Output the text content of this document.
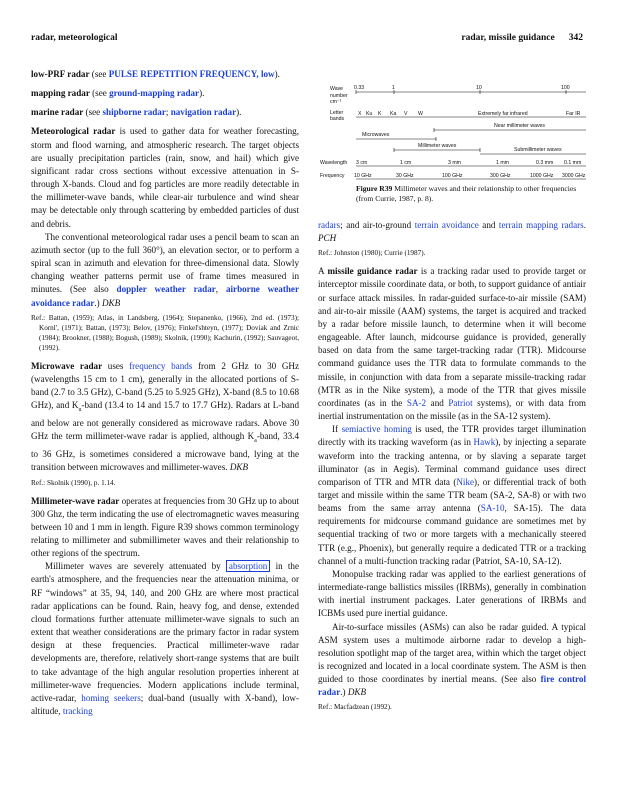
radar, meteorological	radar, missile guidance 342

low-PRF radar (see PULSE REPETITION FREQUENCY, low).

mapping radar (see ground-mapping radar).

marine radar (see shipborne radar; navigation radar).

Meteorological radar is used to gather data for weather forecasting, storm and flood warning, and atmospheric research. The target objects are usually precipitation particles (rain, snow, and hail) which give significant radar cross sections without excessive attenuation in S- through X-bands. Cloud and fog particles are more readily detectable in the millimeter-wave bands, while clear-air turbulence and wind shear may be detectable only through scattering by embedded particles of dust and debris.

The conventional meteorological radar uses a pencil beam to scan an azimuth sector (up to the full 360°), an elevation sector, or to perform a spiral scan in azimuth and elevation for three-dimensional data. Slowly changing weather patterns permit use of frame times measured in minutes. (See also doppler weather radar, airborne weather avoidance radar.) DKB

Ref.: Battan, (1959); Atlas, in Landsberg, (1964); Stepanenko, (1966), 2nd ed. (1973); Kornl', (1971); Battan, (1973); Belov, (1976); Finkel'shteyn, (1977); Doviak and Zrnic (1984); Brookner, (1988); Bogush, (1989); Skolnik, (1990); Kachurin, (1992); Sauvageot, (1992).

Microwave radar uses frequency bands from 2 GHz to 30 GHz (wavelengths 15 cm to 1 cm), generally in the allocated portions of S-band (2.7 to 3.5 GHz), C-band (5.25 to 5.925 GHz), X-band (8.5 to 10.68 GHz), and $K_u$-band (13.4 to 14 and 15.7 to 17.7 GHz). Radars at L-band and below are not generally considered as microwave radars. Above 30 GHz the term millimeter-wave radar is applied, although $K_a$-band, 33.4 to 36 GHz, is sometimes considered a microwave band, lying at the transition between microwaves and millimeter-waves. DKB

Ref.: Skolnik (1990), p. 1.14.

Millimeter-wave radar operates at frequencies from 30 GHz up to about 300 Ghz, the term indicating the use of electromagnetic waves measuring between 10 and 1 mm in length. Figure R39 shows common terminology relating to millimeter and submillimeter waves and their relationship to other regions of the spectrum.

Millimeter waves are severely attenuated by absorption in the earth's atmosphere, and the frequencies near the attenuation minima, or RF “windows” at 35, 94, 140, and 200 GHz are where most practical radar applications can be found. Rain, heavy fog, and dense, extended cloud formations further attenuate millimeter-wave signals to such an extent that weather considerations are the primary factor in radar system design at these frequencies. Practical millimeter-wave radar developments are, therefore, relatively short-range systems that are built to take advantage of the high angular resolution properties inherent at millimeter-wave frequencies. Modern applications include terminal, active-radar, homing seekers; dual-band (usually with X-band), low-altitude, tracking

Wave
number
cm⁻¹
Letter
bands
Wavelength
Frequency
0.33	1	10	100
X Ku K Ka V W	Extremely far infrared	Far IR
Near millimeter waves
Microwaves
Millimeter waves
Submillimeter waves
3 cm	1 cm	3 mm	1 mm	0.3 mm 0.1 mm
10 GHz	30 GHz	100 GHz	300 GHz	1000 GHz 3000 GHz
Figure R39 Millimeter waves and their relationship to other frequencies (from Currie, 1987, p. 8).

radars; and air-to-ground terrain avoidance and terrain mapping radars. PCH

Ref.: Johnston (1980); Currie (1987).

A missile guidance radar is a tracking radar used to provide target or interceptor missile coordinate data, or both, to support guidance of antiair or surface attack missiles. In radar-guided surface-to-air missile (SAM) and air-to-air missile (AAM) systems, the target is acquired and tracked by a radar before missile launch, to determine when it will become engageable. After launch, midcourse guidance is provided, generally based on data from the same target-tracking radar (TTR). Midcourse command guidance uses the TTR data to formulate commands to the missile, in conjunction with data from a separate missile-tracking radar (MTR as in the Nike system), a mode of the TTR that gives missile coordinates (as in the SA-2 and Patriot systems), or with data from inertial instrumentation on the missile (as in the SA-12 system).

If semiactive homing is used, the TTR provides target illumination directly with its tracking waveform (as in Hawk), by injecting a separate waveform into the tracking antenna, or by slaving a separate target illuminator (as in Aegis). Terminal command guidance uses direct comparison of TTR and MTR data (Nike), or differential track of both target and missile within the same TTR beam (SA-2, SA-8) or with two beams from the same array antenna (SA-10, SA-15). The data requirements for midcourse command guidance are sometimes met by sequential tracking of two or more targets with a mechanically steered TTR (e.g., Phoenix), but generally require a dedicated TTR or a tracking channel of a multi-function tracking radar (Patriot, SA-10, SA-12).

Monopulse tracking radar was applied to the earliest generations of intermediate-range ballistics missiles (IRBMs), generally in combination with inertial instrument packages. Later generations of IRBMs and ICBMs used pure inertial guidance.

Air-to-surface missiles (ASMs) can also be radar guided. A typical ASM system uses a multimode airborne radar to develop a high-resolution spotlight map of the target area, within which the target object is recognized and located in a local coordinate system. The ASM is then guided to those coordinates by inertial means. (See also fire control radar.) DKB

Ref.: Macfadzean (1992).
